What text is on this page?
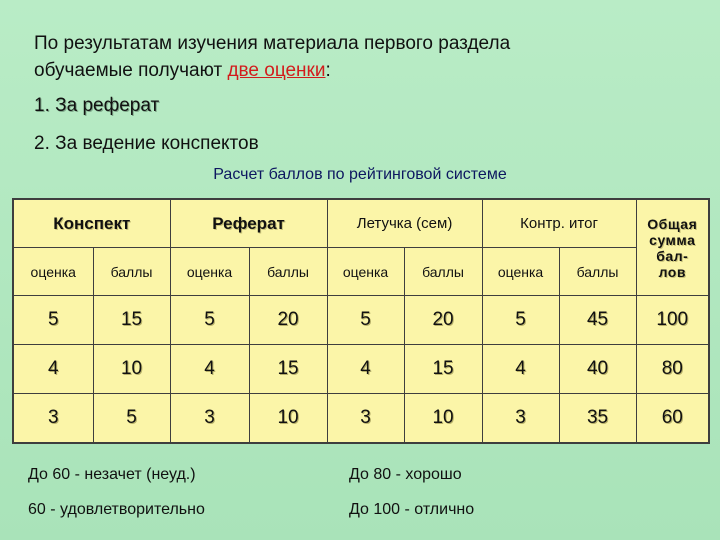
По результатам изучения материала первого раздела
обучаемые получают две оценки:
1. За реферат
2. За ведение конспектов
Расчет баллов по рейтинговой системе
Конспект		Реферат		Летучка (сем)		Контр. итог		Общая
сумма
бал-
лов

оценка	баллы	оценка	баллы	оценка	баллы	оценка	баллы	
5	15	5	20	5	20	5	45	100
4	10	4	15	4	15	4	40	80
3	5	3	10	3	10	3	35	60
До 60 - незачет (неуд.)
60 - удовлетворительно
До 80 - хорошо
До 100 - отлично
